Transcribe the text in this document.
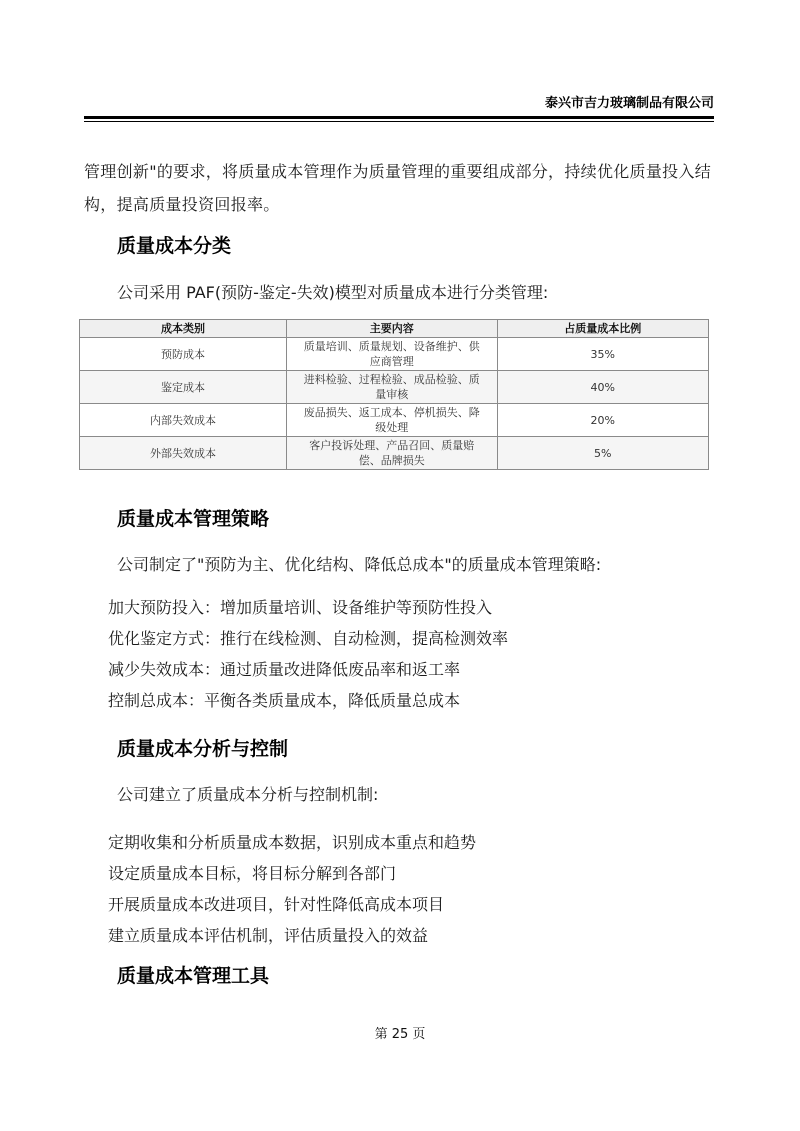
泰兴市吉力玻璃制品有限公司
管理创新"的要求，将质量成本管理作为质量管理的重要组成部分，持续优化质量投入结构，提高质量投资回报率。
质量成本分类
公司采用 PAF(预防-鉴定-失效)模型对质量成本进行分类管理:
成本类别	主要内容	占质量成本比例
预防成本	质量培训、质量规划、设备维护、供应商管理	35%
鉴定成本	进料检验、过程检验、成品检验、质量审核	40%
内部失效成本	废品损失、返工成本、停机损失、降级处理	20%
外部失效成本	客户投诉处理、产品召回、质量赔偿、品牌损失	5%
质量成本管理策略
公司制定了"预防为主、优化结构、降低总成本"的质量成本管理策略:
加大预防投入：增加质量培训、设备维护等预防性投入
优化鉴定方式：推行在线检测、自动检测，提高检测效率
减少失效成本：通过质量改进降低废品率和返工率
控制总成本：平衡各类质量成本，降低质量总成本
质量成本分析与控制
公司建立了质量成本分析与控制机制:
定期收集和分析质量成本数据，识别成本重点和趋势
设定质量成本目标，将目标分解到各部门
开展质量成本改进项目，针对性降低高成本项目
建立质量成本评估机制，评估质量投入的效益
质量成本管理工具
第 25 页
